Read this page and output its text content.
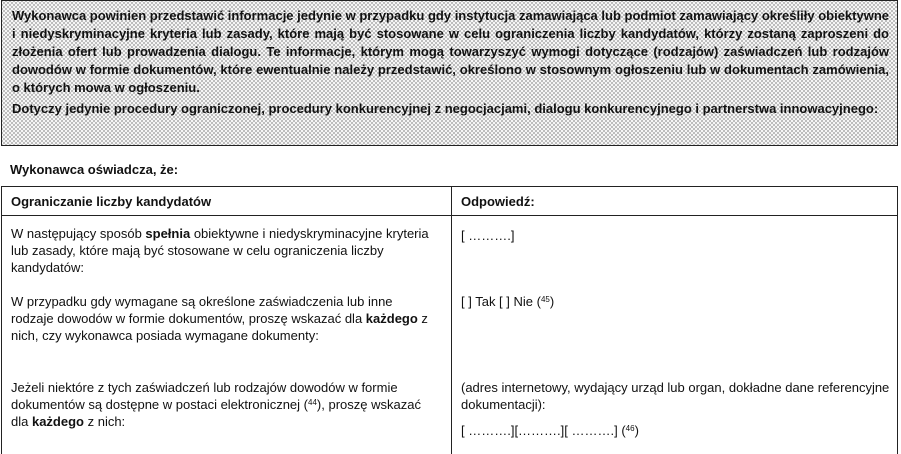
Wykonawca powinien przedstawić informacje jedynie w przypadku gdy instytucja zamawiająca lub podmiot zamawiający określiły obiektywne i niedyskryminacyjne kryteria lub zasady, które mają być stosowane w celu ograniczenia liczby kandydatów, którzy zostaną zaproszeni do złożenia ofert lub prowadzenia dialogu. Te informacje, którym mogą towarzyszyć wymogi dotyczące (rodzajów) zaświadczeń lub rodzajów dowodów w formie dokumentów, które ewentualnie należy przedstawić, określono w stosownym ogłoszeniu lub w dokumentach zamówienia, o których mowa w ogłoszeniu.

Dotyczy jedynie procedury ograniczonej, procedury konkurencyjnej z negocjacjami, dialogu konkurencyjnego i partnerstwa innowacyjnego:

Wykonawca oświadcza, że:
Ograniczanie liczby kandydatów	Odpowiedź:
W następujący sposób spełnia obiektywne i niedyskryminacyjne kryteria lub zasady, które mają być stosowane w celu ograniczenia liczby kandydatów:
[ ……….]
W przypadku gdy wymagane są określone zaświadczenia lub inne rodzaje dowodów w formie dokumentów, proszę wskazać dla każdego z nich, czy wykonawca posiada wymagane dokumenty:
[ ] Tak [ ] Nie ($^{45}$)
Jeżeli niektóre z tych zaświadczeń lub rodzajów dowodów w formie dokumentów są dostępne w postaci elektronicznej ($^{44}$), proszę wskazać dla każdego z nich:
(adres internetowy, wydający urząd lub organ, dokładne dane referencyjne dokumentacji):
[ ……….][……….][ ……….] ($^{46}$)
